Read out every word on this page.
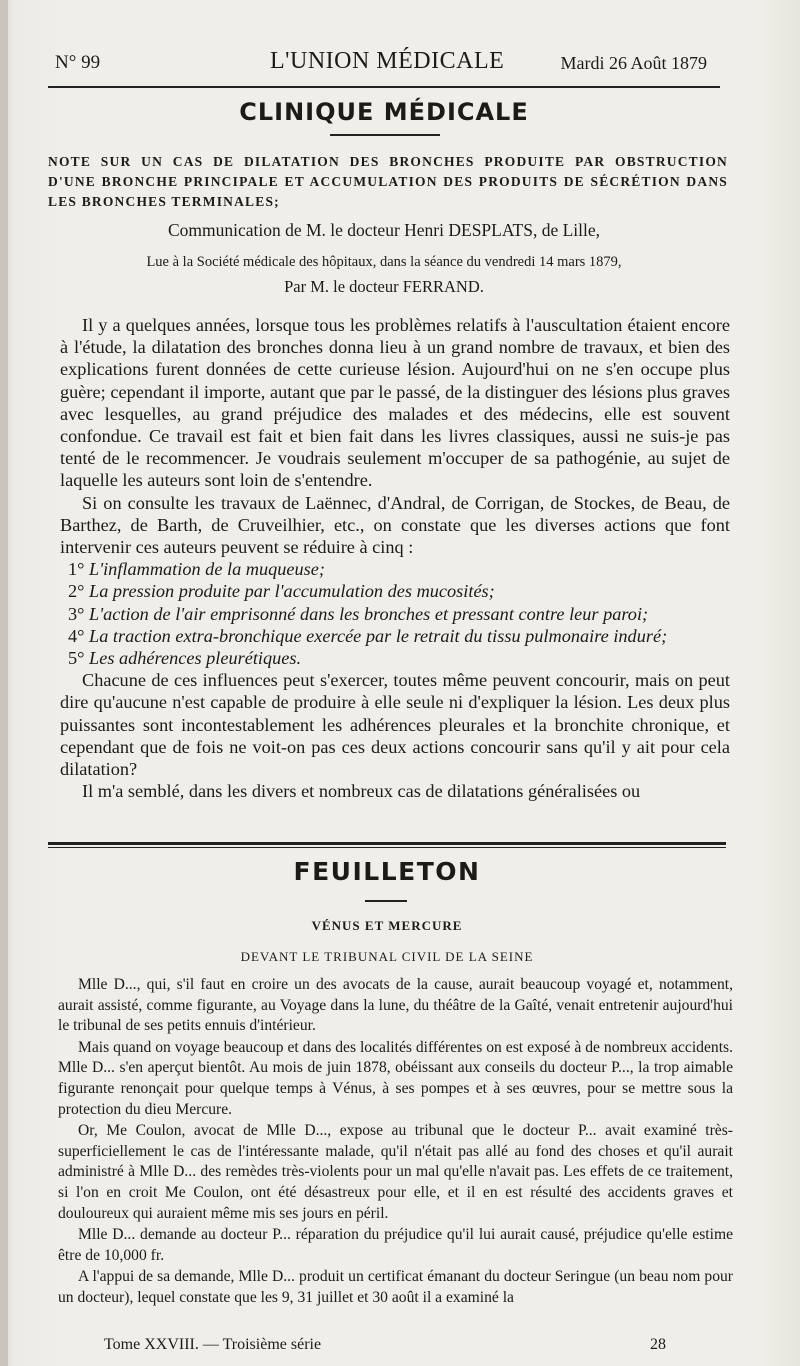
N° 99	L'UNION MÉDICALE	Mardi 26 Août 1879
CLINIQUE MÉDICALE
NOTE SUR UN CAS DE DILATATION DES BRONCHES PRODUITE PAR OBSTRUCTION D'UNE BRONCHE PRINCIPALE ET ACCUMULATION DES PRODUITS DE SÉCRÉTION DANS LES BRONCHES TERMINALES;
Communication de M. le docteur Henri DESPLATS, de Lille,
Lue à la Société médicale des hôpitaux, dans la séance du vendredi 14 mars 1879,
Par M. le docteur FERRAND.

Il y a quelques années, lorsque tous les problèmes relatifs à l'auscultation étaient encore à l'étude, la dilatation des bronches donna lieu à un grand nombre de travaux, et bien des explications furent données de cette curieuse lésion. Aujourd'hui on ne s'en occupe plus guère; cependant il importe, autant que par le passé, de la distinguer des lésions plus graves avec lesquelles, au grand préjudice des malades et des médecins, elle est souvent confondue. Ce travail est fait et bien fait dans les livres classiques, aussi ne suis-je pas tenté de le recommencer. Je voudrais seulement m'occuper de sa pathogénie, au sujet de laquelle les auteurs sont loin de s'entendre.

Si on consulte les travaux de Laënnec, d'Andral, de Corrigan, de Stockes, de Beau, de Barthez, de Barth, de Cruveilhier, etc., on constate que les diverses actions que font intervenir ces auteurs peuvent se réduire à cinq :

1° L'inflammation de la muqueuse;

2° La pression produite par l'accumulation des mucosités;

3° L'action de l'air emprisonné dans les bronches et pressant contre leur paroi;

4° La traction extra-bronchique exercée par le retrait du tissu pulmonaire induré;

5° Les adhérences pleurétiques.

Chacune de ces influences peut s'exercer, toutes même peuvent concourir, mais on peut dire qu'aucune n'est capable de produire à elle seule ni d'expliquer la lésion. Les deux plus puissantes sont incontestablement les adhérences pleurales et la bronchite chronique, et cependant que de fois ne voit-on pas ces deux actions concourir sans qu'il y ait pour cela dilatation?

Il m'a semblé, dans les divers et nombreux cas de dilatations généralisées ou

FEUILLETON
VÉNUS ET MERCURE
DEVANT LE TRIBUNAL CIVIL DE LA SEINE

Mlle D..., qui, s'il faut en croire un des avocats de la cause, aurait beaucoup voyagé et, notamment, aurait assisté, comme figurante, au Voyage dans la lune, du théâtre de la Gaîté, venait entretenir aujourd'hui le tribunal de ses petits ennuis d'intérieur.

Mais quand on voyage beaucoup et dans des localités différentes on est exposé à de nombreux accidents. Mlle D... s'en aperçut bientôt. Au mois de juin 1878, obéissant aux conseils du docteur P..., la trop aimable figurante renonçait pour quelque temps à Vénus, à ses pompes et à ses œuvres, pour se mettre sous la protection du dieu Mercure.

Or, Me Coulon, avocat de Mlle D..., expose au tribunal que le docteur P... avait examiné très-superficiellement le cas de l'intéressante malade, qu'il n'était pas allé au fond des choses et qu'il aurait administré à Mlle D... des remèdes très-violents pour un mal qu'elle n'avait pas. Les effets de ce traitement, si l'on en croit Me Coulon, ont été désastreux pour elle, et il en est résulté des accidents graves et douloureux qui auraient même mis ses jours en péril.

Mlle D... demande au docteur P... réparation du préjudice qu'il lui aurait causé, préjudice qu'elle estime être de 10,000 fr.

A l'appui de sa demande, Mlle D... produit un certificat émanant du docteur Seringue (un beau nom pour un docteur), lequel constate que les 9, 31 juillet et 30 août il a examiné la

Tome XXVIII. — Troisième série	28
